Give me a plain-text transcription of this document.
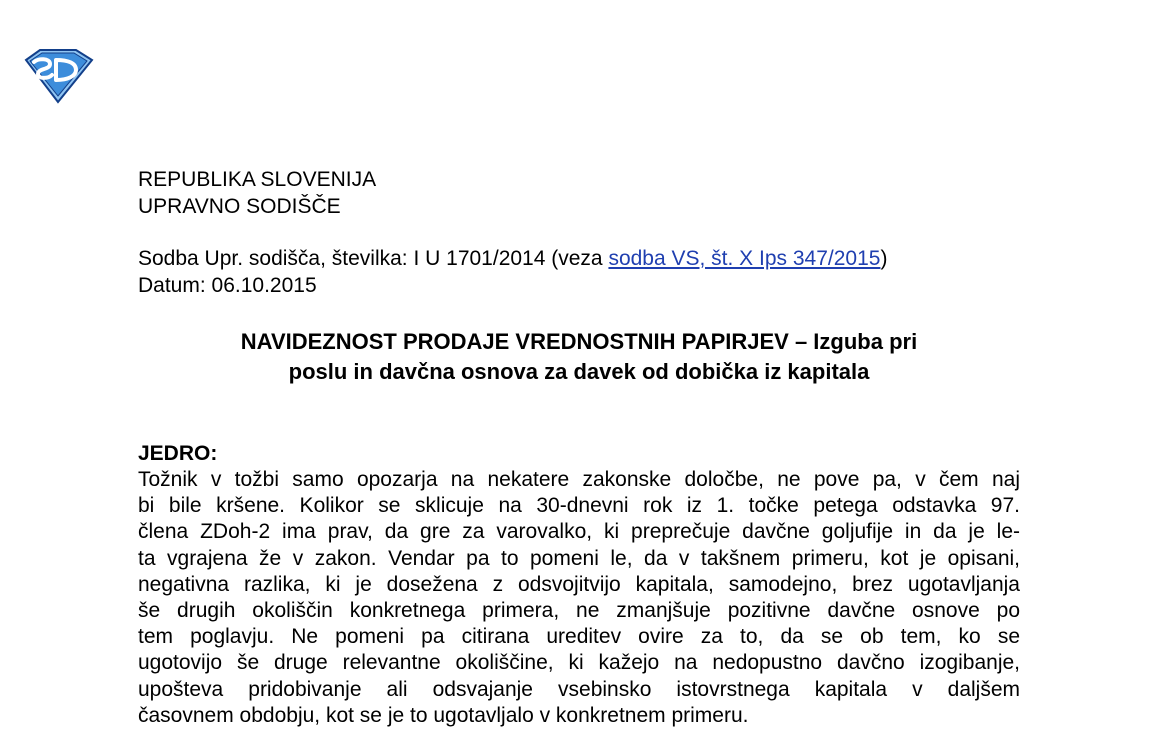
REPUBLIKA SLOVENIJA
UPRAVNO SODIŠČE
Sodba Upr. sodišča, številka: I U 1701/2014 (veza sodba VS, št. X Ips 347/2015)
Datum: 06.10.2015
NAVIDEZNOST PRODAJE VREDNOSTNIH PAPIRJEV – Izguba pri
poslu in davčna osnova za davek od dobička iz kapitala
JEDRO:
Tožnik v tožbi samo opozarja na nekatere zakonske določbe, ne pove pa, v čem naj
bi bile kršene. Kolikor se sklicuje na 30-dnevni rok iz 1. točke petega odstavka 97.
člena ZDoh-2 ima prav, da gre za varovalko, ki preprečuje davčne goljufije in da je le-
ta vgrajena že v zakon. Vendar pa to pomeni le, da v takšnem primeru, kot je opisani,
negativna razlika, ki je dosežena z odsvojitvijo kapitala, samodejno, brez ugotavljanja
še drugih okoliščin konkretnega primera, ne zmanjšuje pozitivne davčne osnove po
tem poglavju. Ne pomeni pa citirana ureditev ovire za to, da se ob tem, ko se
ugotovijo še druge relevantne okoliščine, ki kažejo na nedopustno davčno izogibanje,
upošteva pridobivanje ali odsvajanje vsebinsko istovrstnega kapitala v daljšem
časovnem obdobju, kot se je to ugotavljalo v konkretnem primeru.
